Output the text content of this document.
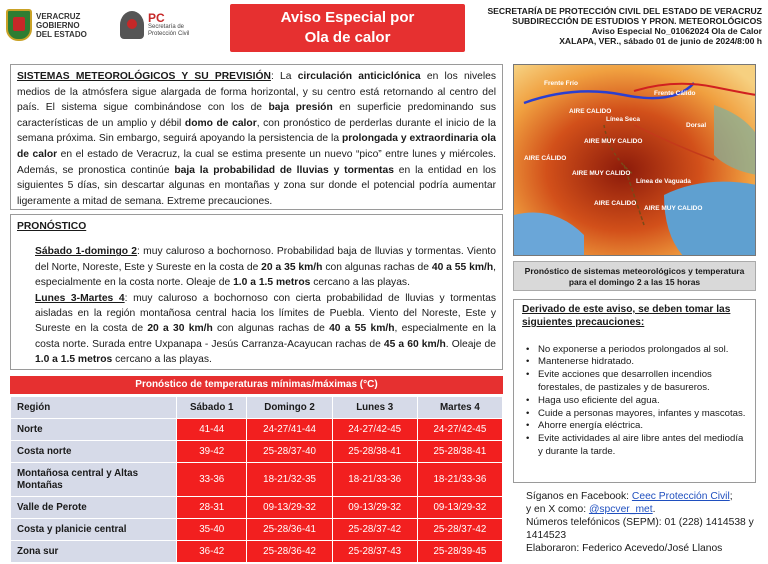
VERACRUZ
GOBIERNO
DEL ESTADO
PC
Secretaría de
Protección Civil
Aviso Especial por
Ola de calor
SECRETARÍA DE PROTECCIÓN CIVIL DEL ESTADO DE VERACRUZ
SUBDIRECCIÓN DE ESTUDIOS Y PRON. METEOROLÓGICOS
Aviso Especial No_01062024 Ola de Calor
XALAPA, VER., sábado 01 de junio de 2024/8:00 h
SISTEMAS METEOROLÓGICOS Y SU PREVISIÓN: La circulación anticiclónica en los niveles medios de la atmósfera sigue alargada de forma horizontal, y su centro está retornando al centro del país. El sistema sigue combinándose con los de baja presión en superficie predominando sus características de un amplio y débil domo de calor, con pronóstico de perderlas durante el inicio de la semana próxima. Sin embargo, seguirá apoyando la persistencia de la prolongada y extraordinaria ola de calor en el estado de Veracruz, la cual se estima presente un nuevo “pico” entre lunes y miércoles. Además, se pronostica continúe baja la probabilidad de lluvias y tormentas en la entidad en los siguientes 5 días, sin descartar algunas en montañas y zona sur donde el potencial podría aumentar ligeramente a mitad de semana. Extreme precauciones.
PRONÓSTICO
Sábado 1-domingo 2: muy caluroso a bochornoso. Probabilidad baja de lluvias y tormentas. Viento del Norte, Noreste, Este y Sureste en la costa de 20 a 35 km/h con algunas rachas de 40 a 55 km/h, especialmente en la costa norte. Oleaje de 1.0 a 1.5 metros cercano a las playas.
Lunes 3-Martes 4: muy caluroso a bochornoso con cierta probabilidad de lluvias y tormentas aisladas en la región montañosa central hacia los límites de Puebla. Viento del Noreste, Este y Sureste en la costa de 20 a 30 km/h con algunas rachas de 40 a 55 km/h, especialmente en la costa norte. Surada entre Uxpanapa - Jesús Carranza-Acayucan rachas de 45 a 60 km/h. Oleaje de 1.0 a 1.5 metros cercano a las playas.
Frente Frío
Frente Cálido
AIRE CALIDO
Línea Seca
AIRE MUY CALIDO
Dorsal
AIRE CÁLIDO
AIRE MUY CALIDO
Línea de Vaguada
AIRE CALIDO
AIRE MUY CALIDO
Pronóstico de sistemas meteorológicos y temperatura
para el domingo 2 a las 15 horas
Derivado de este aviso, se deben tomar las siguientes precauciones:
• No exponerse a periodos prolongados al sol.
• Mantenerse hidratado.
• Evite acciones que desarrollen incendios forestales, de pastizales y de basureros.
• Haga uso eficiente del agua.
• Cuide a personas mayores, infantes y mascotas.
• Ahorre energía eléctrica.
• Evite actividades al aire libre antes del mediodía y durante la tarde.
Síganos en Facebook: Ceec Protección Civil;
y en X como: @spcver_met.
Números telefónicos (SEPM): 01 (228) 1414538 y 1414523
Elaboraron: Federico Acevedo/José Llanos
Pronóstico de temperaturas mínimas/máximas (°C)
Región	Sábado 1	Domingo 2	Lunes 3	Martes 4
Norte	41-44	24-27/41-44	24-27/42-45	24-27/42-45
Costa norte	39-42	25-28/37-40	25-28/38-41	25-28/38-41
Montañosa central y Altas Montañas	33-36	18-21/32-35	18-21/33-36	18-21/33-36
Valle de Perote	28-31	09-13/29-32	09-13/29-32	09-13/29-32
Costa y planicie central	35-40	25-28/36-41	25-28/37-42	25-28/37-42
Zona sur	36-42	25-28/36-42	25-28/37-43	25-28/39-45
